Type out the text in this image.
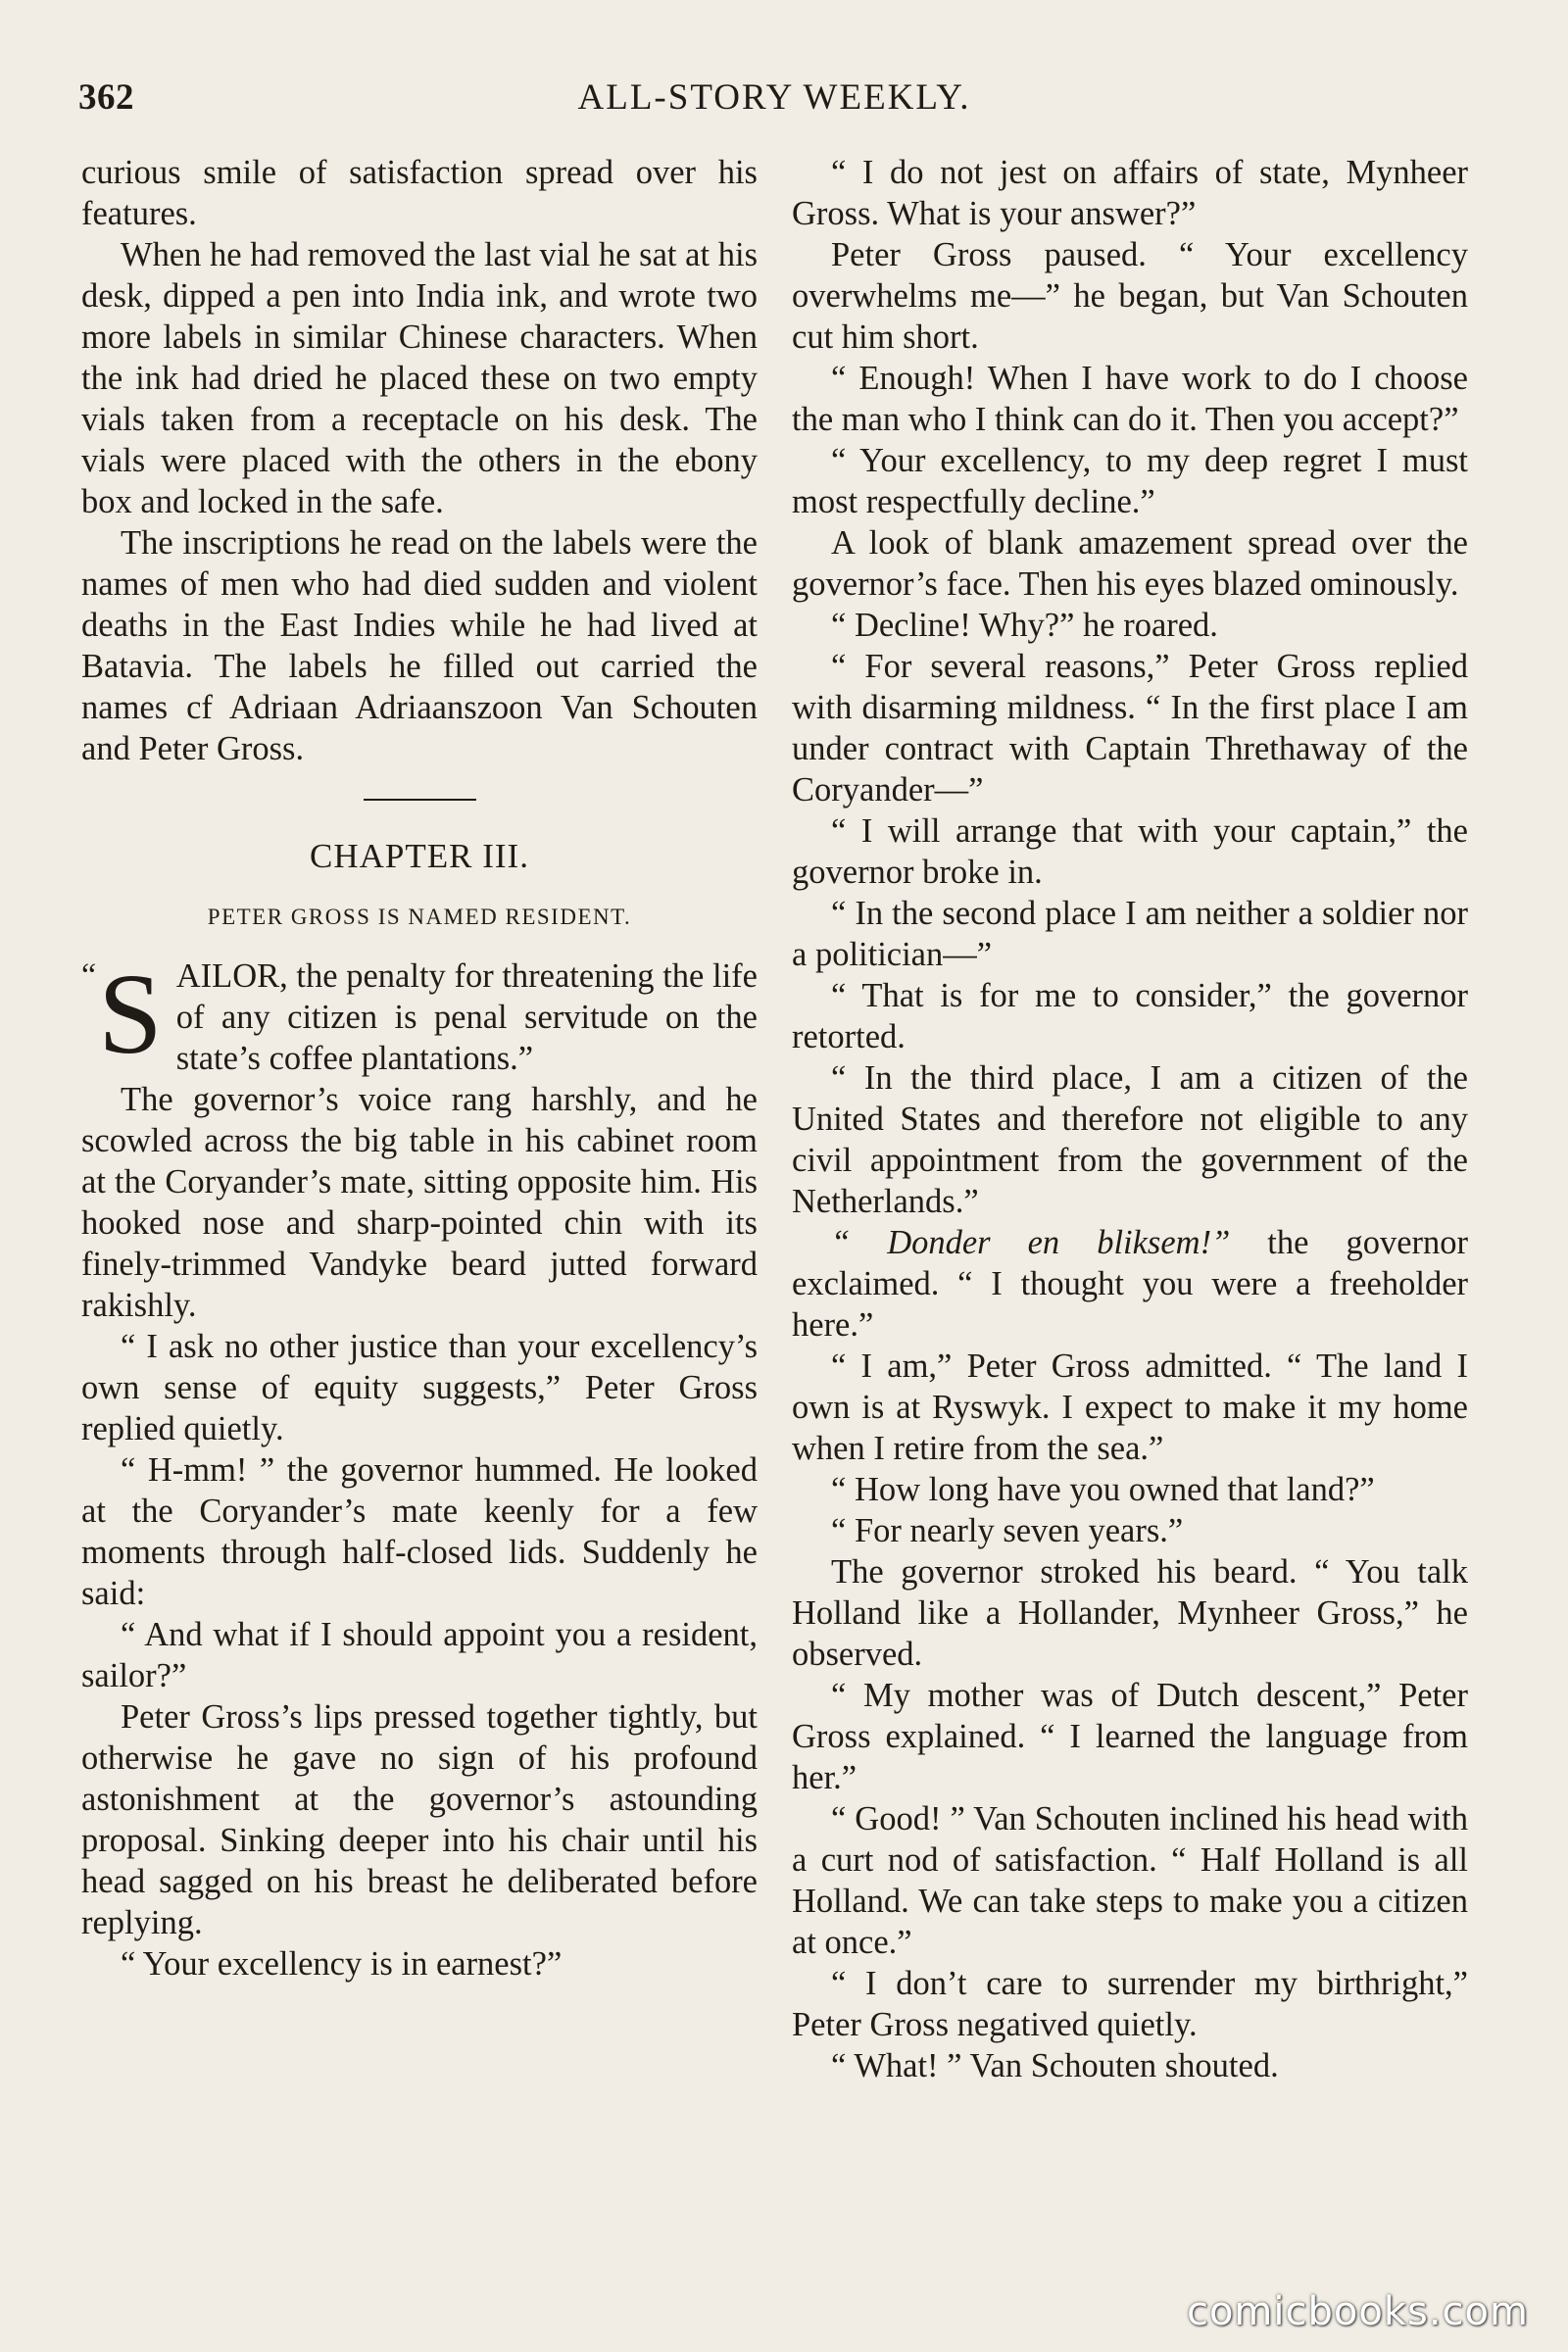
362	ALL-STORY WEEKLY.

curious smile of satisfaction spread over his features.

When he had removed the last vial he sat at his desk, dipped a pen into India ink, and wrote two more labels in similar Chinese characters. When the ink had dried he placed these on two empty vials taken from a receptacle on his desk. The vials were placed with the others in the ebony box and locked in the safe.

The inscriptions he read on the labels were the names of men who had died sudden and violent deaths in the East Indies while he had lived at Batavia. The labels he filled out carried the names cf Adriaan Adriaanszoon Van Schouten and Peter Gross.

CHAPTER III.
PETER GROSS IS NAMED RESIDENT.

“ S AILOR, the penalty for threatening the life of any citizen is penal servitude on the state’s coffee plantations.”

The governor’s voice rang harshly, and he scowled across the big table in his cabinet room at the Coryander’s mate, sitting opposite him. His hooked nose and sharp-pointed chin with its finely-trimmed Vandyke beard jutted forward rakishly.

“ I ask no other justice than your excellency’s own sense of equity suggests,” Peter Gross replied quietly.

“ H-mm! ” the governor hummed. He looked at the Coryander’s mate keenly for a few moments through half-closed lids. Suddenly he said:

“ And what if I should appoint you a resident, sailor?”

Peter Gross’s lips pressed together tightly, but otherwise he gave no sign of his profound astonishment at the governor’s astounding proposal. Sinking deeper into his chair until his head sagged on his breast he deliberated before replying.

“ Your excellency is in earnest?”

“ I do not jest on affairs of state, Mynheer Gross. What is your answer?”

Peter Gross paused. “ Your excellency overwhelms me—” he began, but Van Schouten cut him short.

“ Enough! When I have work to do I choose the man who I think can do it. Then you accept?”

“ Your excellency, to my deep regret I must most respectfully decline.”

A look of blank amazement spread over the governor’s face. Then his eyes blazed ominously.

“ Decline! Why?” he roared.

“ For several reasons,” Peter Gross replied with disarming mildness. “ In the first place I am under contract with Captain Threthaway of the Coryander—”

“ I will arrange that with your captain,” the governor broke in.

“ In the second place I am neither a soldier nor a politician—”

“ That is for me to consider,” the governor retorted.

“ In the third place, I am a citizen of the United States and therefore not eligible to any civil appointment from the government of the Netherlands.”

“ Donder en bliksem!” the governor exclaimed. “ I thought you were a freeholder here.”

“ I am,” Peter Gross admitted. “ The land I own is at Ryswyk. I expect to make it my home when I retire from the sea.”

“ How long have you owned that land?”

“ For nearly seven years.”

The governor stroked his beard. “ You talk Holland like a Hollander, Mynheer Gross,” he observed.

“ My mother was of Dutch descent,” Peter Gross explained. “ I learned the language from her.”

“ Good! ” Van Schouten inclined his head with a curt nod of satisfaction. “ Half Holland is all Holland. We can take steps to make you a citizen at once.”

“ I don’t care to surrender my birthright,” Peter Gross negatived quietly.

“ What! ” Van Schouten shouted.

comicbooks.com
